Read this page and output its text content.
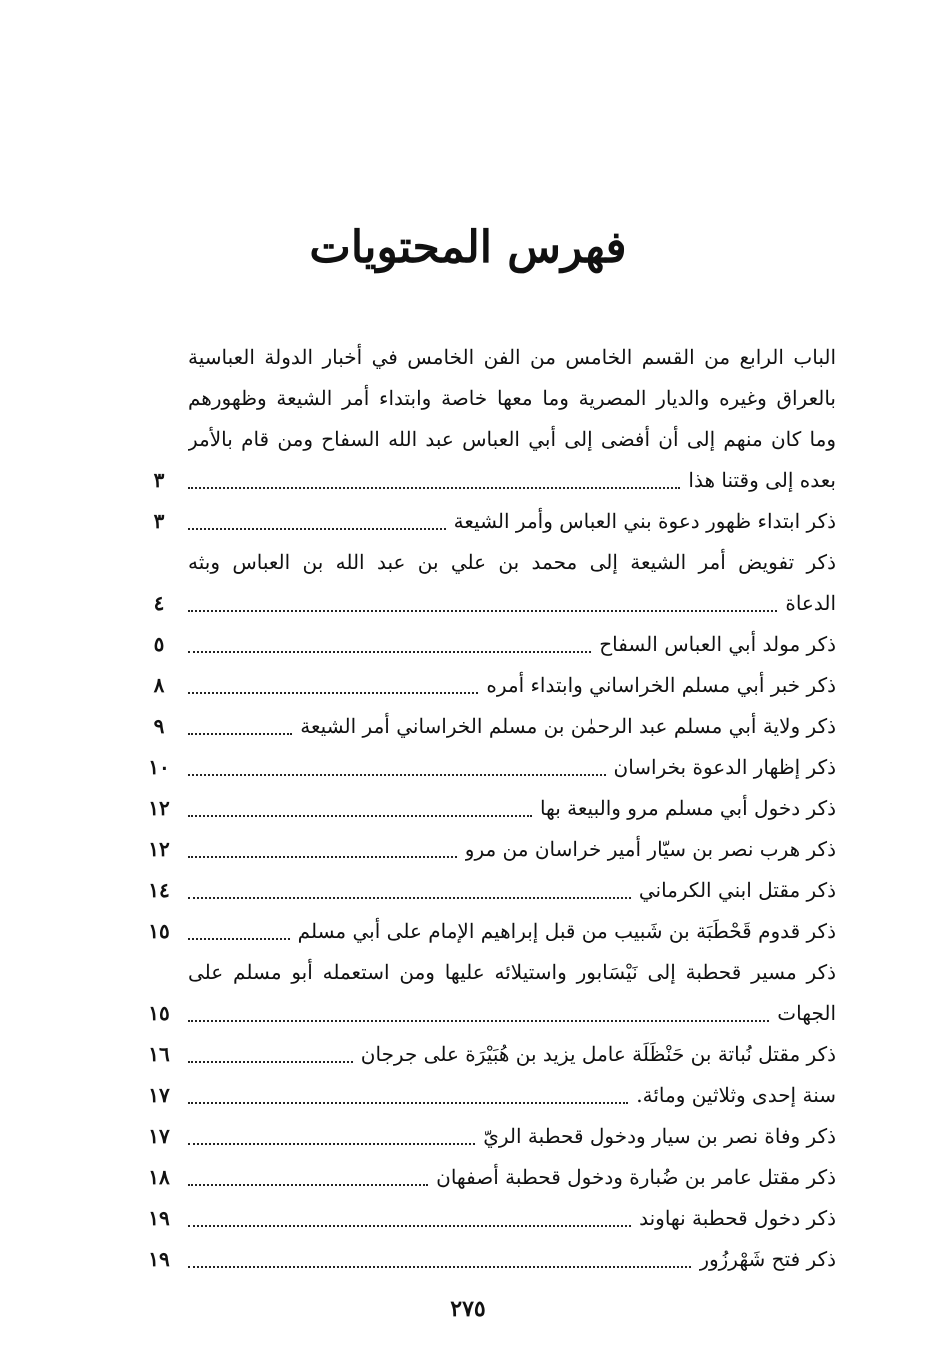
فهرس المحتويات
الباب الرابع من القسم الخامس من الفن الخامس في أخبار الدولة العباسية
بالعراق وغيره والديار المصرية وما معها خاصة وابتداء أمر الشيعة وظهورهم
وما كان منهم إلى أن أفضى إلى أبي العباس عبد الله السفاح ومن قام بالأمر
بعده إلى وقتنا هذا
٣
ذكر ابتداء ظهور دعوة بني العباس وأمر الشيعة
٣
ذكر تفويض أمر الشيعة إلى محمد بن علي بن عبد الله بن العباس وبثه
الدعاة
٤
ذكر مولد أبي العباس السفاح
٥
ذكر خبر أبي مسلم الخراساني وابتداء أمره
٨
ذكر ولاية أبي مسلم عبد الرحمٰن بن مسلم الخراساني أمر الشيعة
٩
ذكر إظهار الدعوة بخراسان
١٠
ذكر دخول أبي مسلم مرو والبيعة بها
١٢
ذكر هرب نصر بن سيّار أمير خراسان من مرو
١٢
ذكر مقتل ابني الكرماني
١٤
ذكر قدوم قَحْطَبَة بن شَبيب من قبل إبراهيم الإمام على أبي مسلم
١٥
ذكر مسير قحطبة إلى نَيْسَابور واستيلائه عليها ومن استعمله أبو مسلم على
الجهات
١٥
ذكر مقتل نُباتة بن حَنْظَلَة عامل يزيد بن هُبَيْرَة على جرجان
١٦
سنة إحدى وثلاثين ومائة.
١٧
ذكر وفاة نصر بن سيار ودخول قحطبة الريّ
١٧
ذكر مقتل عامر بن ضُبارة ودخول قحطبة أصفهان
١٨
ذكر دخول قحطبة نهاوند
١٩
ذكر فتح شَهْرزُور
١٩
٢٧٥
